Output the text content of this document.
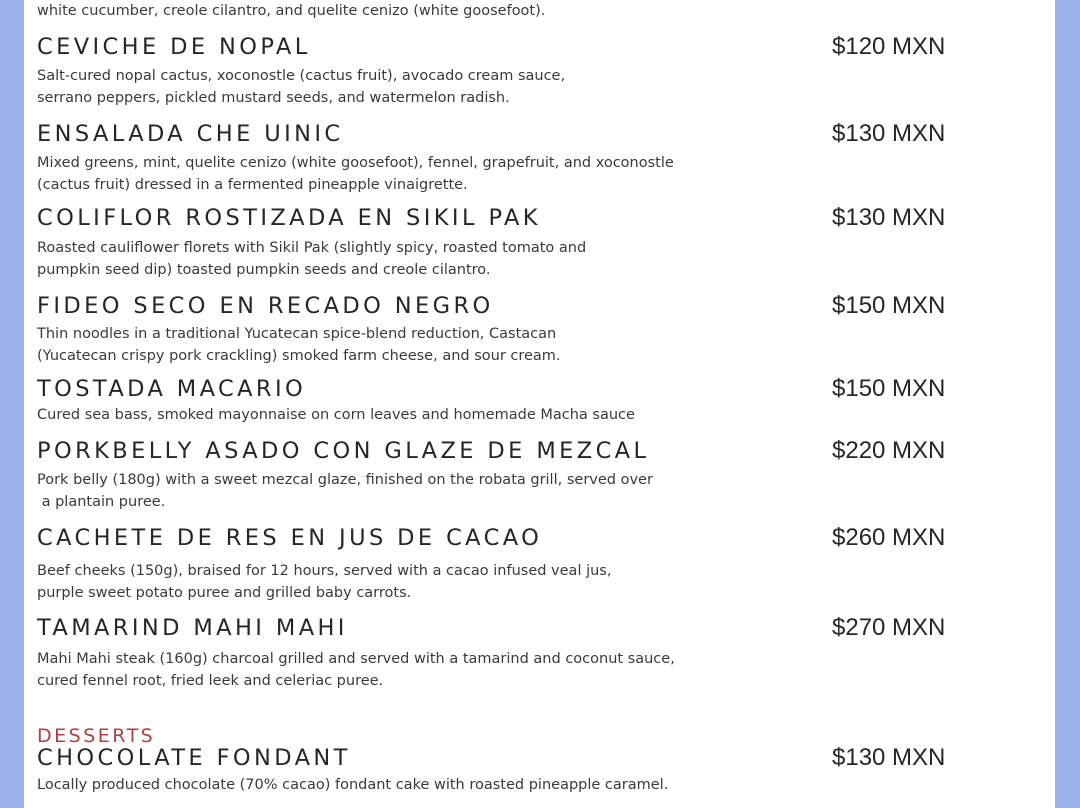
white cucumber, creole cilantro, and quelite cenizo (white goosefoot).
CEVICHE DE NOPAL	$120 MXN
Salt-cured nopal cactus, xoconostle (cactus fruit), avocado cream sauce,
serrano peppers, pickled mustard seeds, and watermelon radish.
ENSALADA CHE UINIC	$130 MXN
Mixed greens, mint, quelite cenizo (white goosefoot), fennel, grapefruit, and xoconostle
(cactus fruit) dressed in a fermented pineapple vinaigrette.
COLIFLOR ROSTIZADA EN SIKIL PAK	$130 MXN
Roasted cauliflower florets with Sikil Pak (slightly spicy, roasted tomato and
pumpkin seed dip) toasted pumpkin seeds and creole cilantro.
FIDEO SECO EN RECADO NEGRO	$150 MXN
Thin noodles in a traditional Yucatecan spice-blend reduction, Castacan
(Yucatecan crispy pork crackling) smoked farm cheese, and sour cream.
TOSTADA MACARIO	$150 MXN
Cured sea bass, smoked mayonnaise on corn leaves and homemade Macha sauce
PORKBELLY ASADO CON GLAZE DE MEZCAL	$220 MXN
Pork belly (180g) with a sweet mezcal glaze, finished on the robata grill, served over
a plantain puree.
CACHETE DE RES EN JUS DE CACAO	$260 MXN
Beef cheeks (150g), braised for 12 hours, served with a cacao infused veal jus,
purple sweet potato puree and grilled baby carrots.
TAMARIND MAHI MAHI	$270 MXN
Mahi Mahi steak (160g) charcoal grilled and served with a tamarind and coconut sauce,
cured fennel root, fried leek and celeriac puree.
DESSERTS
CHOCOLATE FONDANT	$130 MXN
Locally produced chocolate (70% cacao) fondant cake with roasted pineapple caramel.
